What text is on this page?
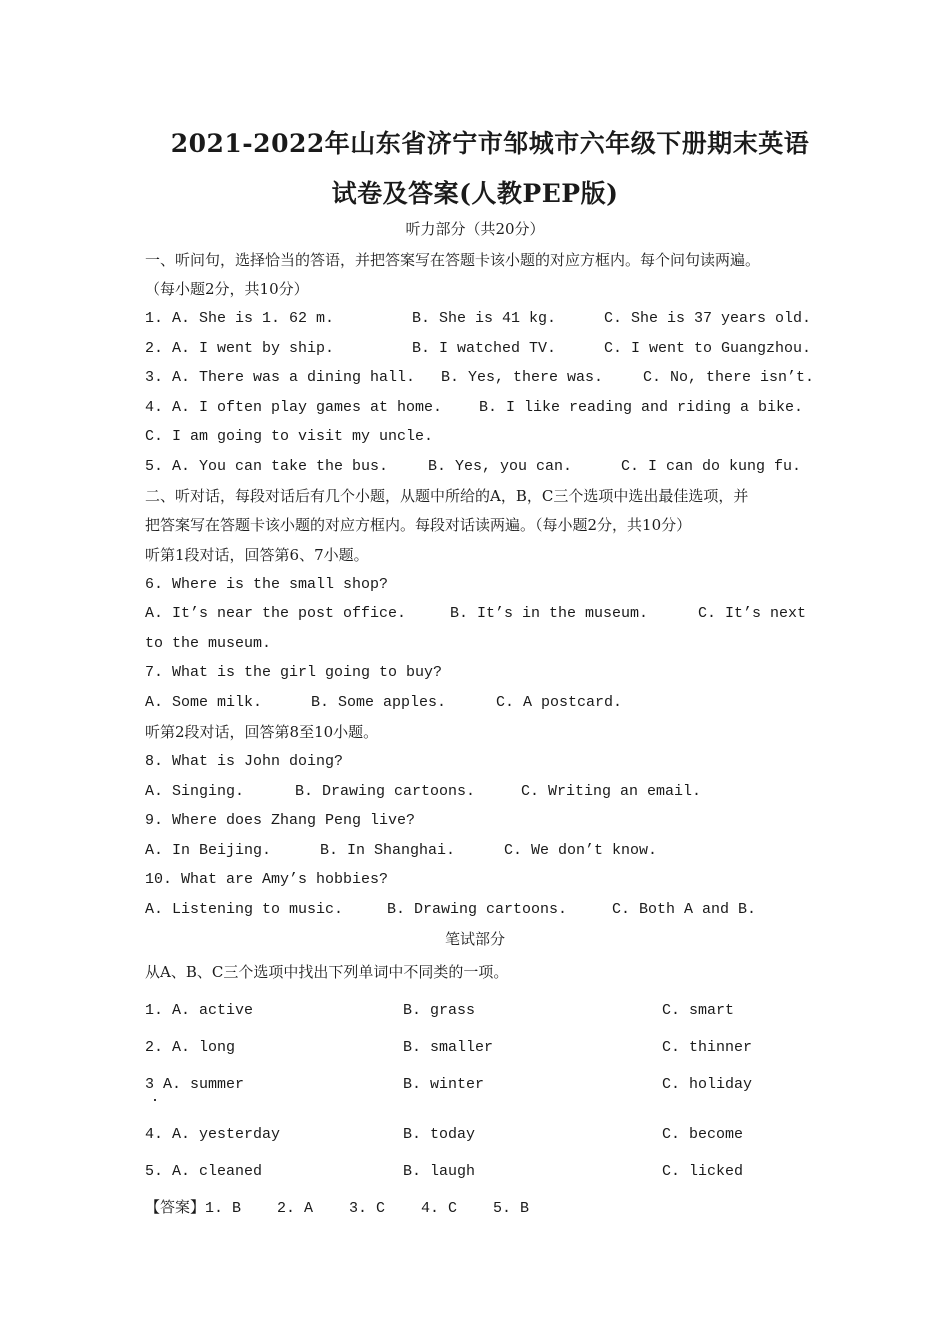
2021-2022年山东省济宁市邹城市六年级下册期末英语
试卷及答案(人教PEP版)
听力部分（共20分）
一、听问句，选择恰当的答语，并把答案写在答题卡该小题的对应方框内。每个问句读两遍。
（每小题2分，共10分）
1. A. She is 1. 62 m.	B. She is 41 kg.	C. She is 37 years old.
2. A. I went by ship.	B. I watched TV.	C. I went to Guangzhou.
3. A. There was a dining hall. B. Yes, there was.	C. No, there isn’t.
4. A. I often play games at home. B. I like reading and riding a bike.
C. I am going to visit my uncle.
5. A. You can take the bus.	B. Yes, you can.	C. I can do kung fu.
二、听对话，每段对话后有几个小题，从题中所给的A，B，C三个选项中选出最佳选项，并
把答案写在答题卡该小题的对应方框内。每段对话读两遍。（每小题2分，共10分）
听第1段对话，回答第6、7小题。
6. Where is the small shop?
A. It’s near the post office.	B. It’s in the museum.	C. It’s next
to the museum.
7. What is the girl going to buy?
A. Some milk.	B. Some apples.	C. A postcard.
听第2段对话，回答第8至10小题。
8. What is John doing?
A. Singing.	B. Drawing cartoons.	C. Writing an email.
9. Where does Zhang Peng live?
A. In Beijing.	B. In Shanghai.	C. We don’t know.
10. What are Amy’s hobbies?
A. Listening to music.	B. Drawing cartoons.	C. Both A and B.
笔试部分
从A、B、C三个选项中找出下列单词中不同类的一项。
1. A. active	B. grass	C. smart
2. A. long	B. smaller	C. thinner
3 A. summer	B. winter	C. holiday
4. A. yesterday	B. today	C. become
5. A. cleaned	B. laugh	C. licked
【答案】1. B    2. A    3. C    4. C    5. B
